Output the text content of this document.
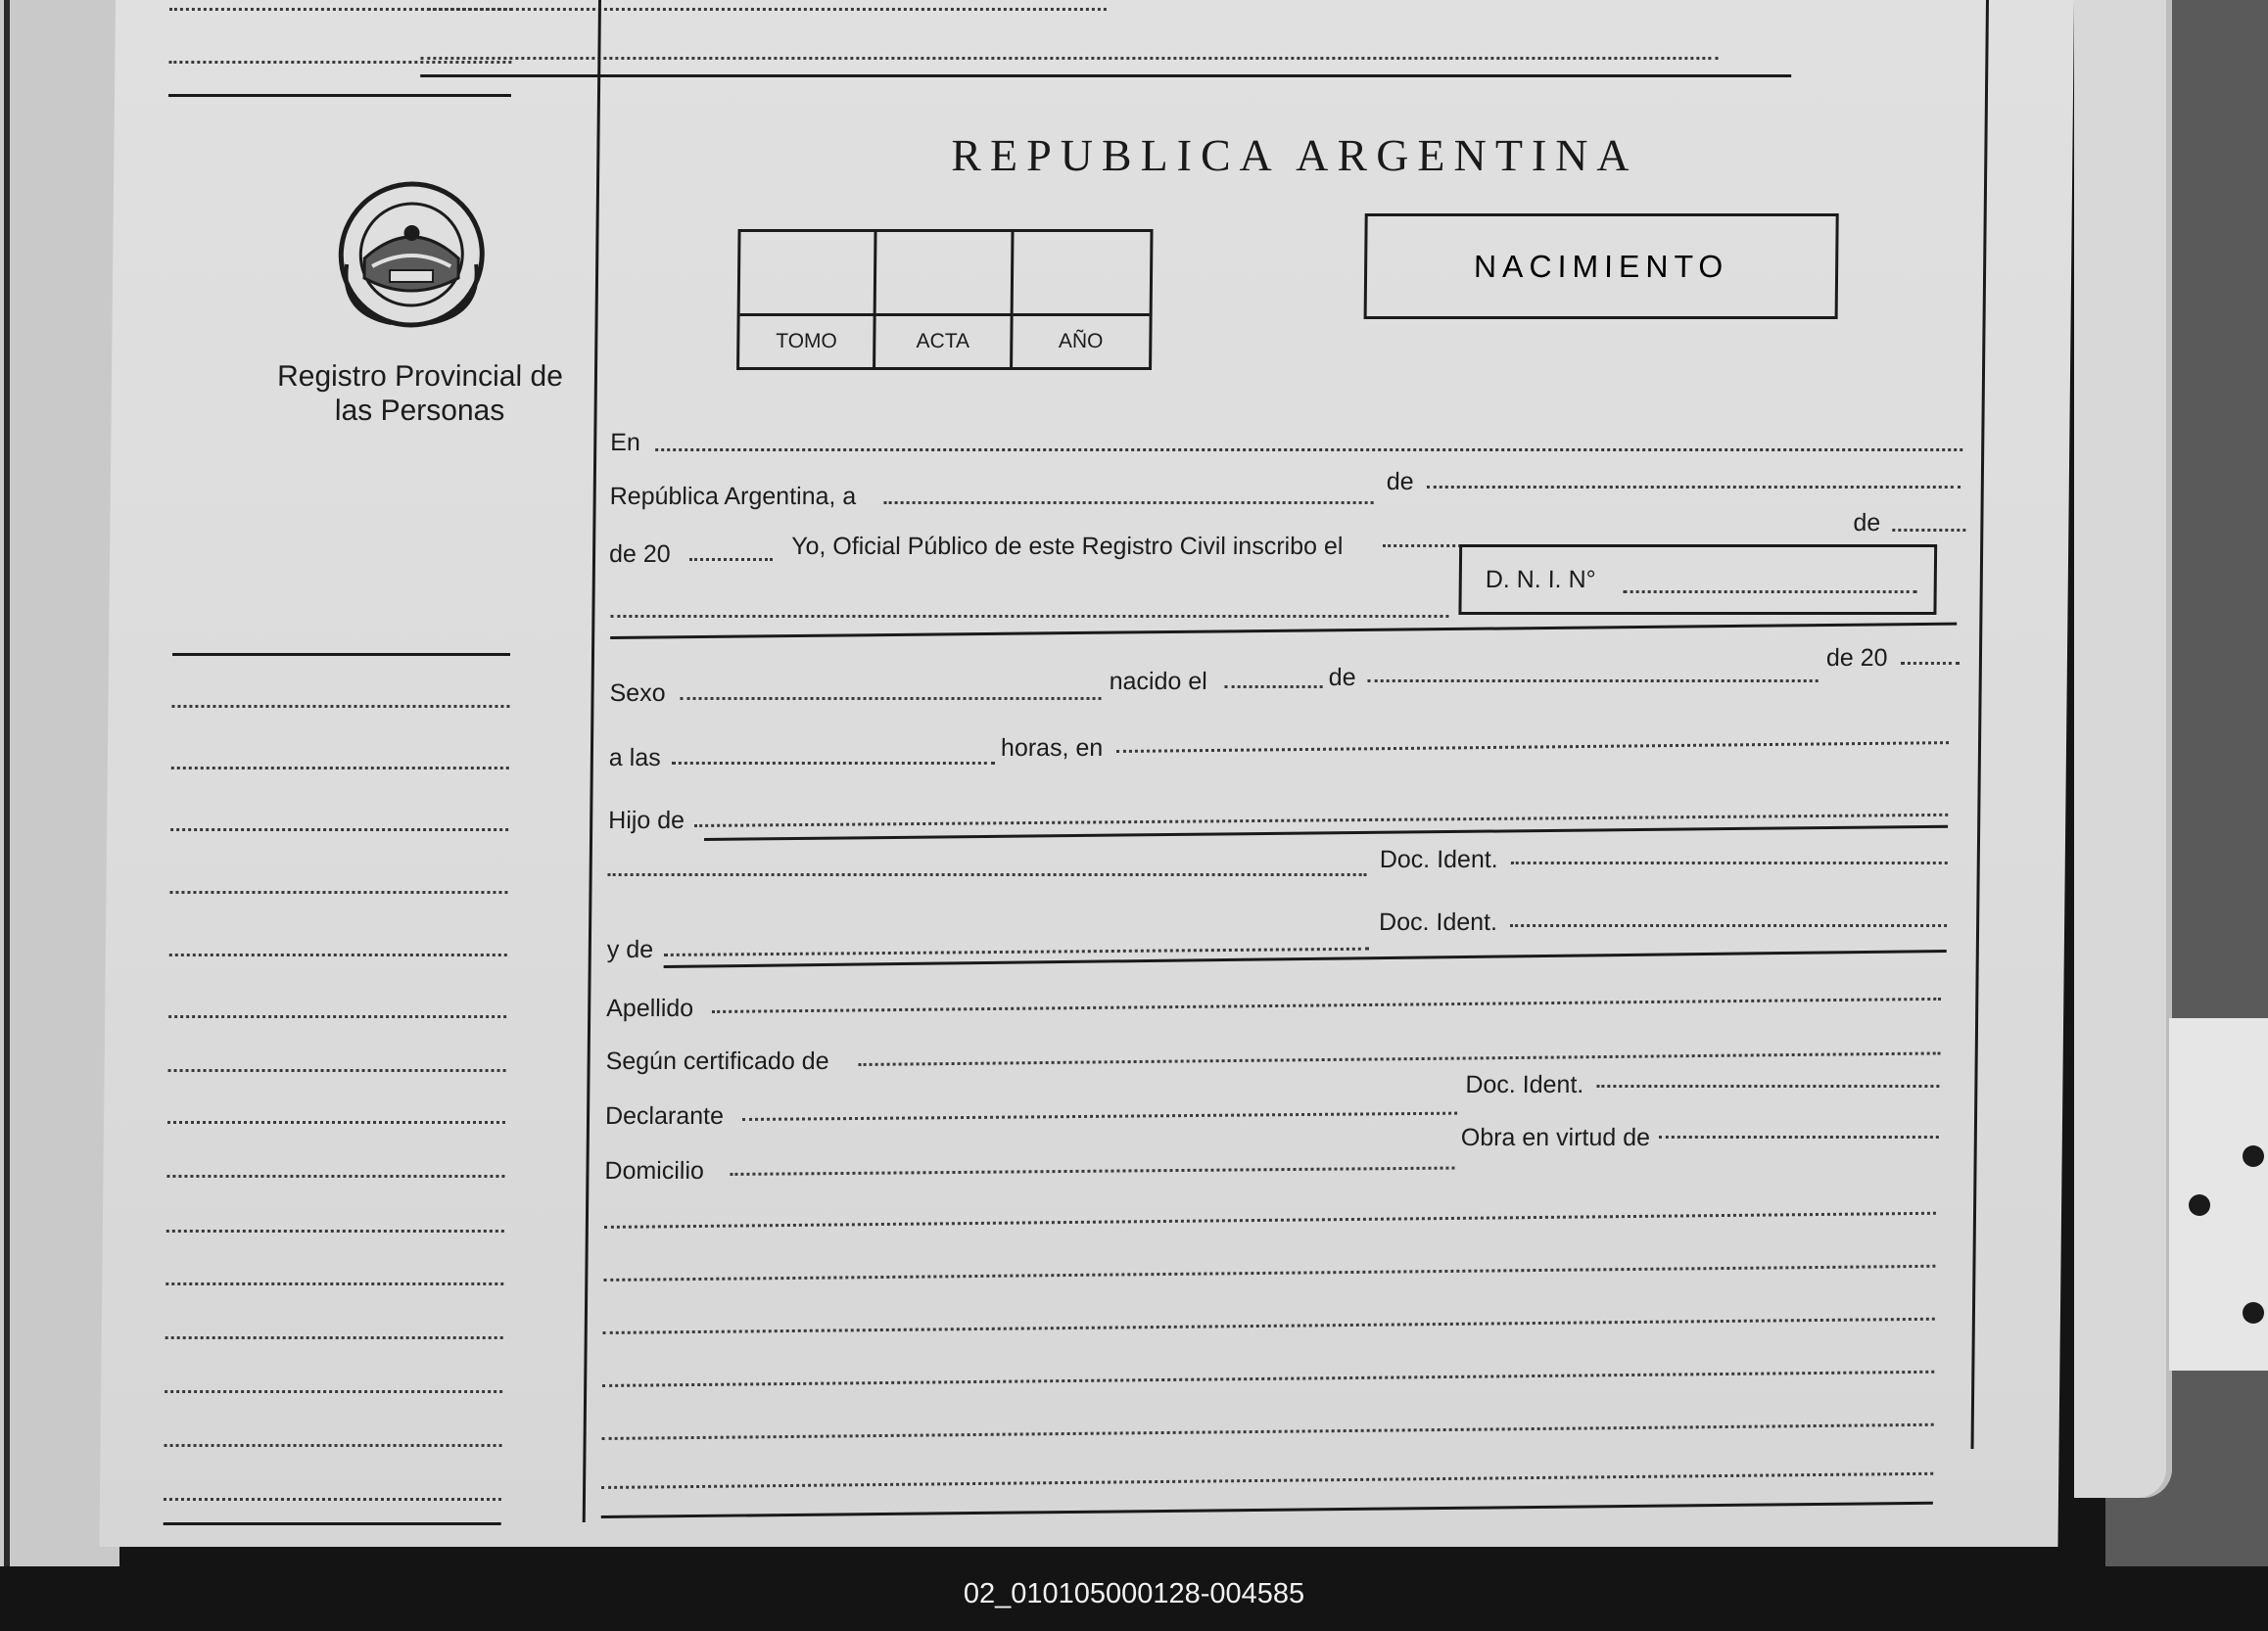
Registro Provincial de las Personas
REPUBLICA ARGENTINA
NACIMIENTO
TOMO	ACTA	AÑO
En
República Argentina, a
de
de 20	Yo, Oficial Público de este Registro Civil inscribo el
de
D. N. I. N°
Sexo	nacido el	de
de 20
a las	horas, en
Hijo de
Doc. Ident.
y de
Doc. Ident.
Apellido
Según certificado de
Declarante
Doc. Ident.
Domicilio
Obra en virtud de
02_010105000128-004585
